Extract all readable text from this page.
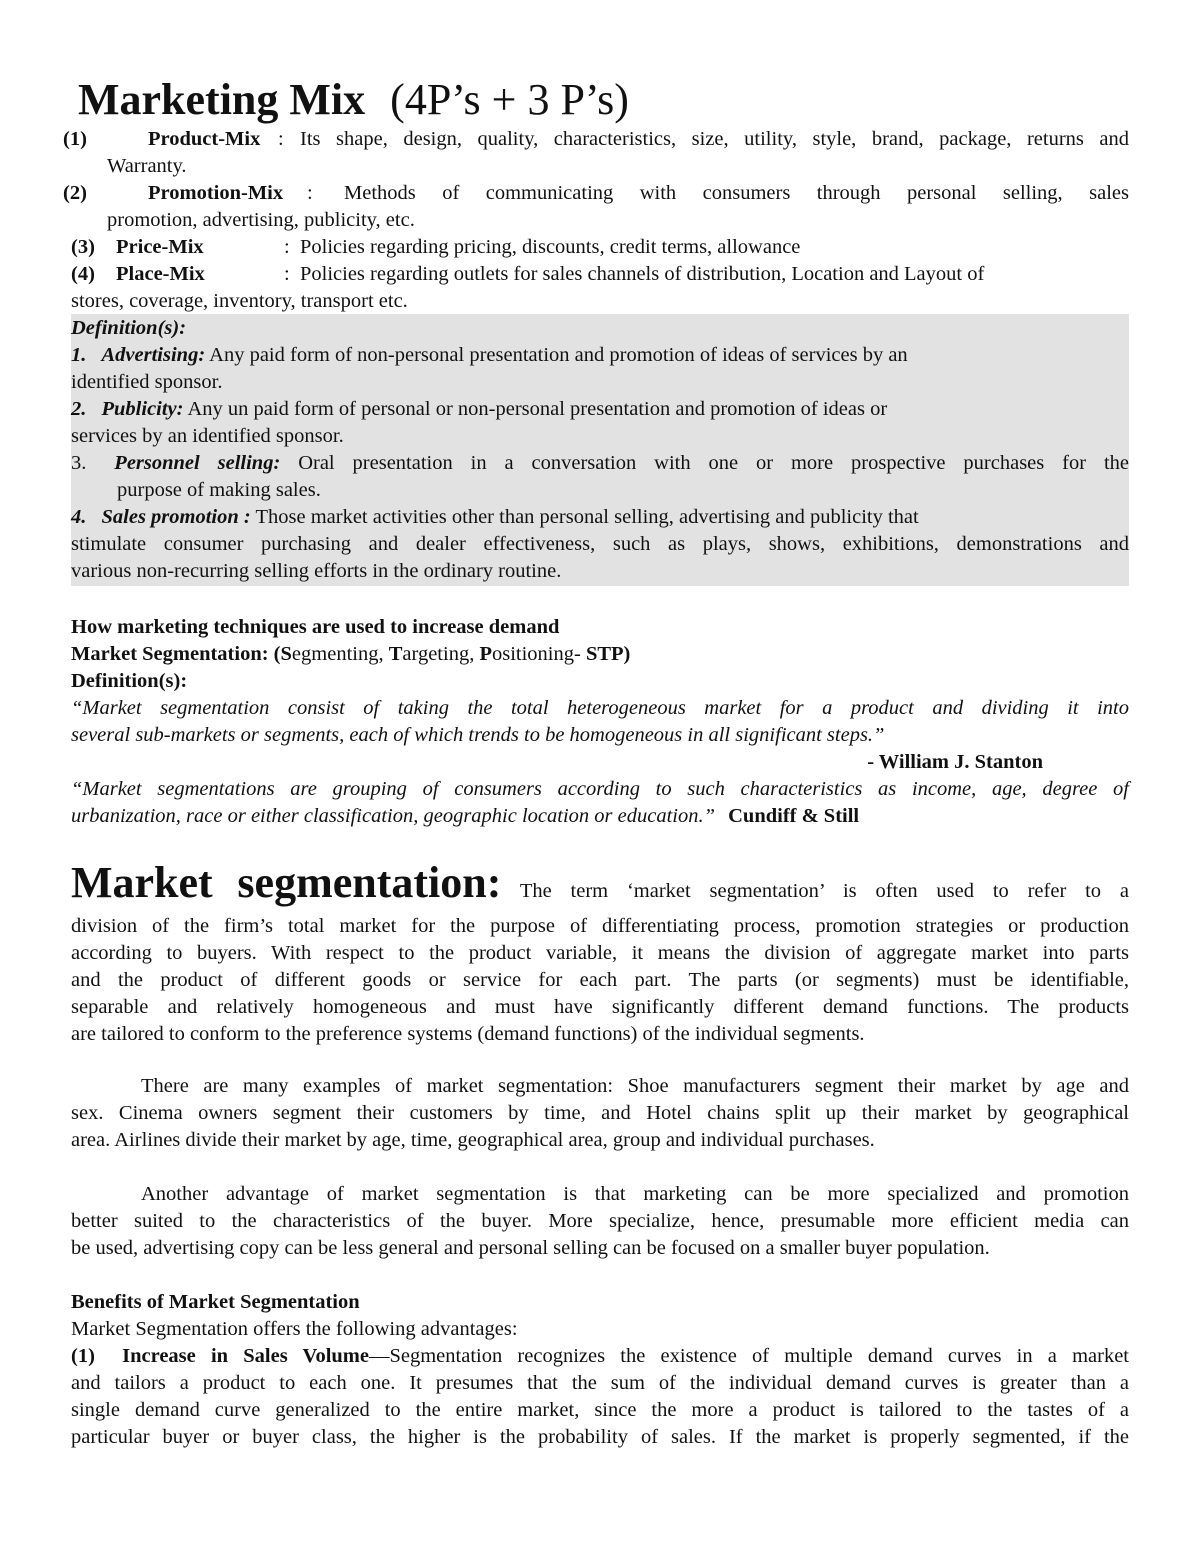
Marketing Mix (4P’s + 3 P’s)
(1)	Product-Mix : Its shape, design, quality, characteristics, size, utility, style, brand, package, returns and
Warranty.
(2)	Promotion-Mix : Methods of communicating with consumers through personal selling, sales
promotion, advertising, publicity, etc.
(3) Price-Mix	: Policies regarding pricing, discounts, credit terms, allowance
(4) Place-Mix	: Policies regarding outlets for sales channels of distribution, Location and Layout of
stores, coverage, inventory, transport etc.
Definition(s):
1. Advertising: Any paid form of non-personal presentation and promotion of ideas of services by an
identified sponsor.
2. Publicity: Any un paid form of personal or non-personal presentation and promotion of ideas or
services by an identified sponsor.
3. Personnel selling: Oral presentation in a conversation with one or more prospective purchases for the
purpose of making sales.
4. Sales promotion : Those market activities other than personal selling, advertising and publicity that
stimulate consumer purchasing and dealer effectiveness, such as plays, shows, exhibitions, demonstrations and
various non-recurring selling efforts in the ordinary routine.
How marketing techniques are used to increase demand
Market Segmentation: (Segmenting, Targeting, Positioning- STP)
Definition(s):
“Market segmentation consist of taking the total heterogeneous market for a product and dividing it into
several sub-markets or segments, each of which trends to be homogeneous in all significant steps.”
- William J. Stanton
“Market segmentations are grouping of consumers according to such characteristics as income, age, degree of
urbanization, race or either classification, geographic location or education.” Cundiff & Still
Market segmentation: The term ‘market segmentation’ is often used to refer to a
division of the firm’s total market for the purpose of differentiating process, promotion strategies or production
according to buyers. With respect to the product variable, it means the division of aggregate market into parts
and the product of different goods or service for each part. The parts (or segments) must be identifiable,
separable and relatively homogeneous and must have significantly different demand functions. The products
are tailored to conform to the preference systems (demand functions) of the individual segments.
There are many examples of market segmentation: Shoe manufacturers segment their market by age and
sex. Cinema owners segment their customers by time, and Hotel chains split up their market by geographical
area. Airlines divide their market by age, time, geographical area, group and individual purchases.
Another advantage of market segmentation is that marketing can be more specialized and promotion
better suited to the characteristics of the buyer. More specialize, hence, presumable more efficient media can
be used, advertising copy can be less general and personal selling can be focused on a smaller buyer population.
Benefits of Market Segmentation
Market Segmentation offers the following advantages:
(1) Increase in Sales Volume—Segmentation recognizes the existence of multiple demand curves in a market
and tailors a product to each one. It presumes that the sum of the individual demand curves is greater than a
single demand curve generalized to the entire market, since the more a product is tailored to the tastes of a
particular buyer or buyer class, the higher is the probability of sales. If the market is properly segmented, if the
